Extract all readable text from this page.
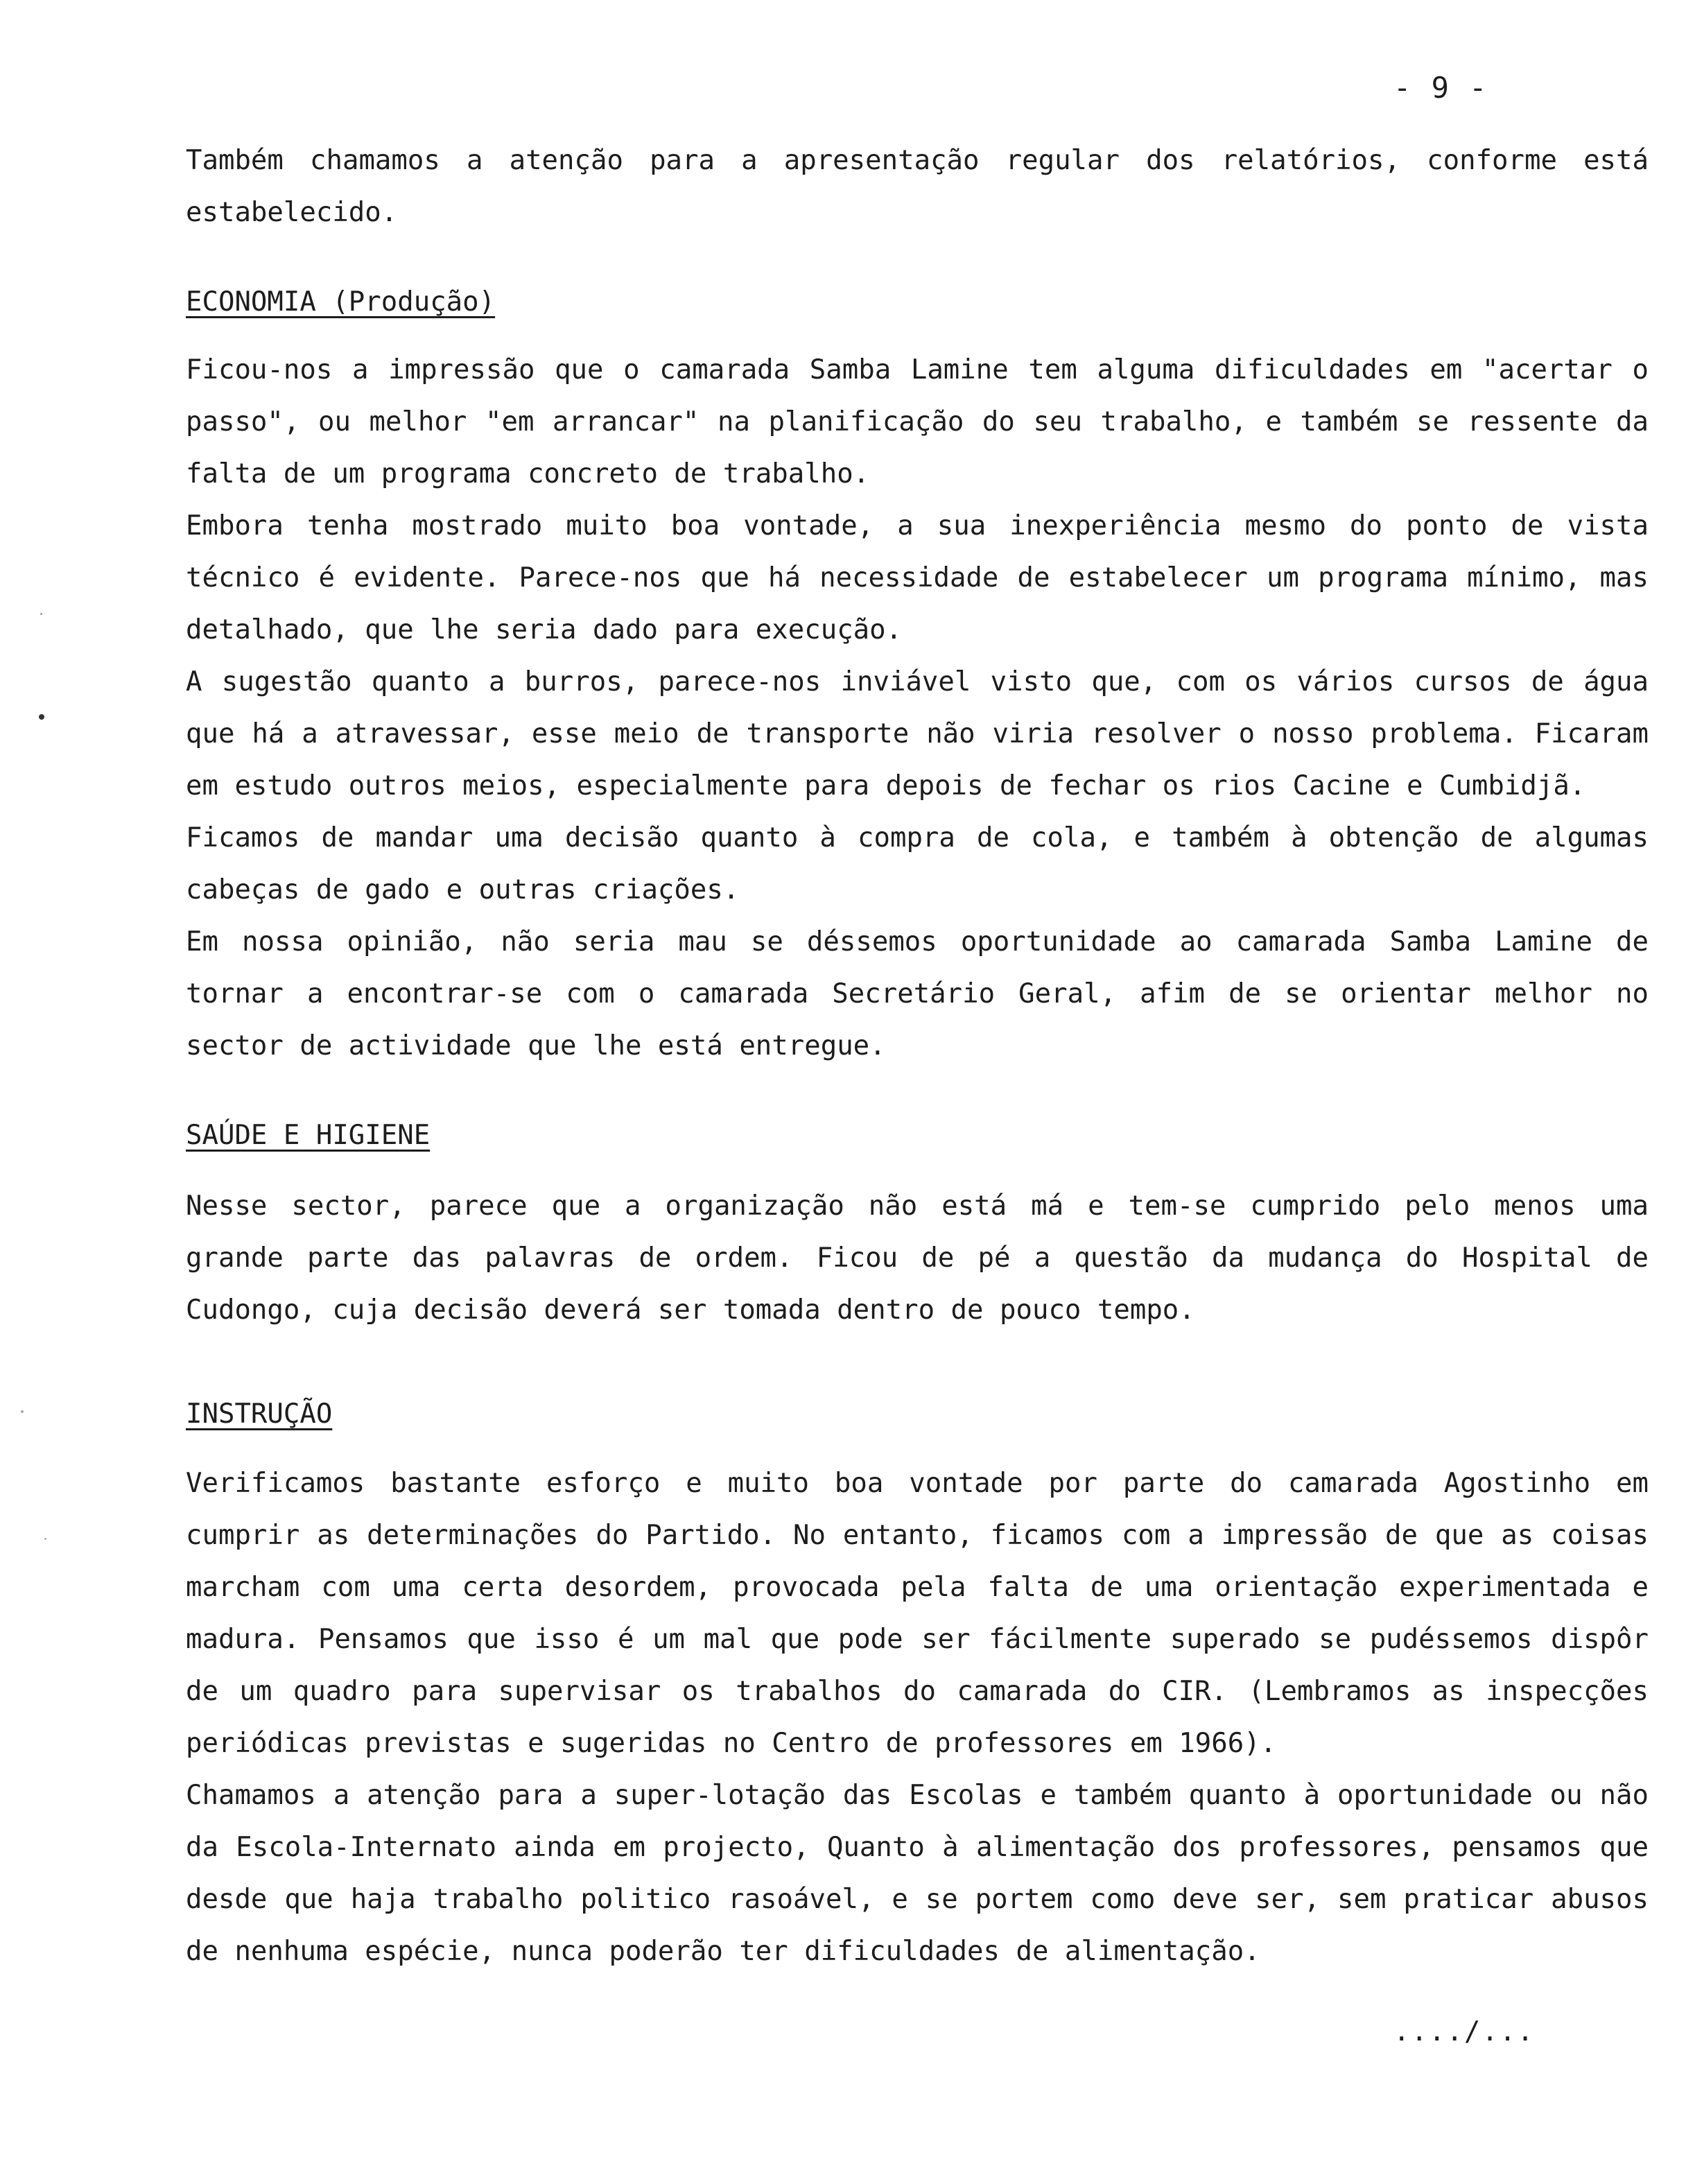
- 9 -

Também chamamos a atenção para a apresentação regular dos relatórios, conforme está estabelecido.

ECONOMIA (Produção)

Ficou-nos a impressão que o camarada Samba Lamine tem alguma dificuldades em "acertar o passo", ou melhor "em arrancar" na planificação do seu trabalho, e também se ressente da falta de um programa concreto de trabalho.

Embora tenha mostrado muito boa vontade, a sua inexperiência mesmo do ponto de vista técnico é evidente. Parece-nos que há necessidade de estabelecer um programa mínimo, mas detalhado, que lhe seria dado para execução.

A sugestão quanto a burros, parece-nos inviável visto que, com os vários cursos de água que há a atravessar, esse meio de transporte não viria resolver o nosso problema. Ficaram em estudo outros meios, especialmente para depois de fechar os rios Cacine e Cumbidjã.

Ficamos de mandar uma decisão quanto à compra de cola, e também à obtenção de algumas cabeças de gado e outras criações.

Em nossa opinião, não seria mau se déssemos oportunidade ao camarada Samba Lamine de tornar a encontrar-se com o camarada Secretário Geral, afim de se orientar melhor no sector de actividade que lhe está entregue.

SAÚDE E HIGIENE

Nesse sector, parece que a organização não está má e tem-se cumprido pelo menos uma grande parte das palavras de ordem. Ficou de pé a questão da mudança do Hospital de Cudongo, cuja decisão deverá ser tomada dentro de pouco tempo.

INSTRUÇÃO

Verificamos bastante esforço e muito boa vontade por parte do camarada Agostinho em cumprir as determinações do Partido. No entanto, ficamos com a impressão de que as coisas marcham com uma certa desordem, provocada pela falta de uma orientação experimentada e madura. Pensamos que isso é um mal que pode ser fácilmente superado se pudéssemos dispôr de um quadro para supervisar os trabalhos do camarada do CIR. (Lembramos as inspecções periódicas previstas e sugeridas no Centro de professores em 1966).

Chamamos a atenção para a super-lotação das Escolas e também quanto à oportunidade ou não da Escola-Internato ainda em projecto, Quanto à alimentação dos professores, pensamos que desde que haja trabalho politico rasoável, e se portem como deve ser, sem praticar abusos de nenhuma espécie, nunca poderão ter dificuldades de alimentação.

..../...
